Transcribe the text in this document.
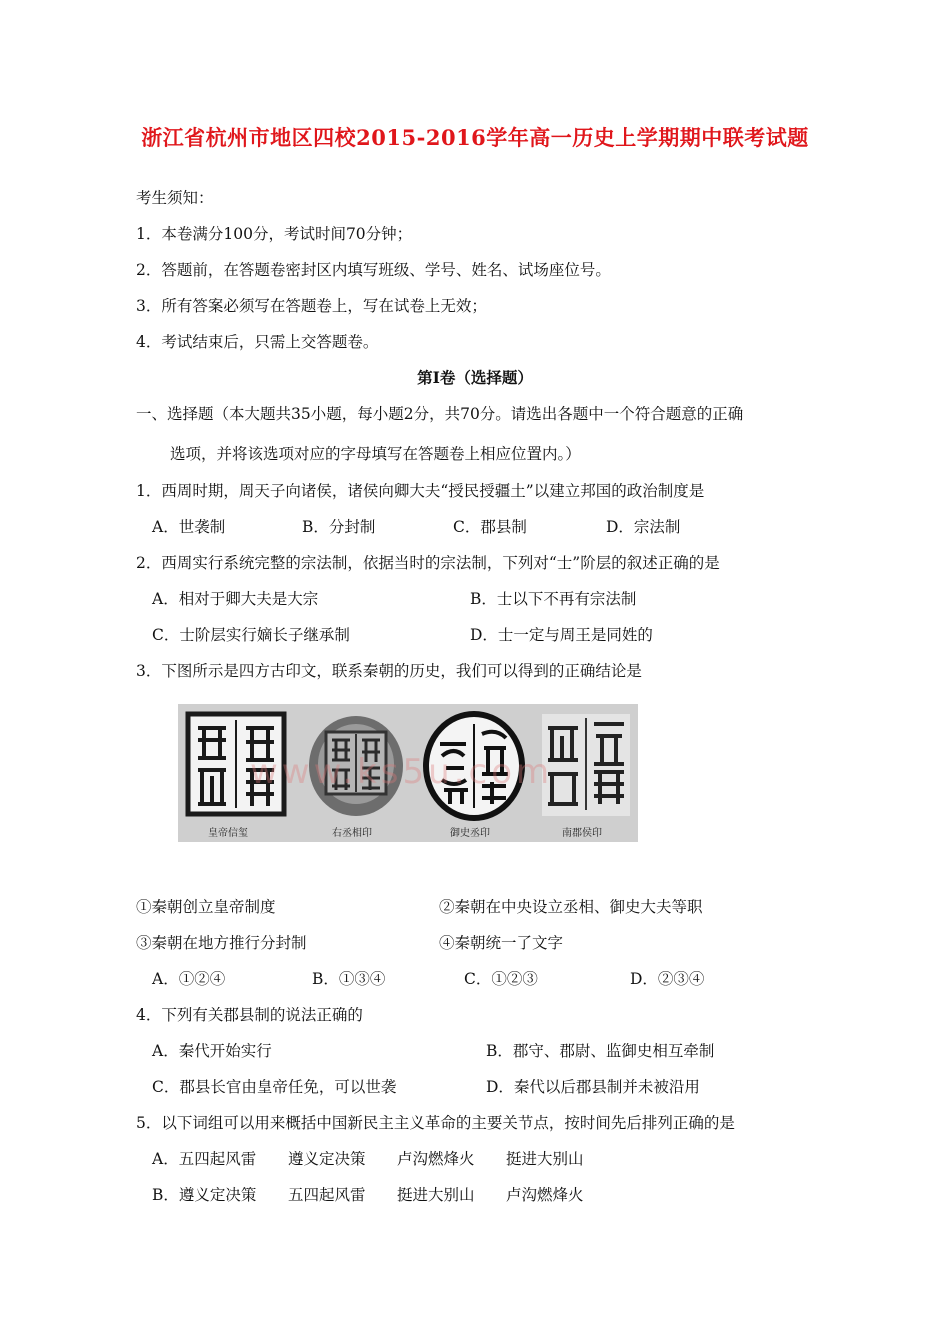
浙江省杭州市地区四校2015-2016学年高一历史上学期期中联考试题
考生须知：
1．本卷满分100分，考试时间70分钟；
2．答题前，在答题卷密封区内填写班级、学号、姓名、试场座位号。
3．所有答案必须写在答题卷上，写在试卷上无效；
4．考试结束后，只需上交答题卷。
第Ⅰ卷（选择题）
一、选择题（本大题共35小题，每小题2分，共70分。请选出各题中一个符合题意的正确
选项，并将该选项对应的字母填写在答题卷上相应位置内。）
1．西周时期，周天子向诸侯，诸侯向卿大夫“授民授疆土”以建立邦国的政治制度是
A．世袭制	B．分封制	C．郡县制	D．宗法制
2．西周实行系统完整的宗法制，依据当时的宗法制，下列对“士”阶层的叙述正确的是
A．相对于卿大夫是大宗	B．士以下不再有宗法制
C．士阶层实行嫡长子继承制	D．士一定与周王是同姓的
3．下图所示是四方古印文，联系秦朝的历史，我们可以得到的正确结论是
皇帝信玺	右丞相印	御史丞印	南郡侯印
www.ks5u.com
①秦朝创立皇帝制度	②秦朝在中央设立丞相、御史大夫等职
③秦朝在地方推行分封制	④秦朝统一了文字
A．①②④	B．①③④	C．①②③	D．②③④
4．下列有关郡县制的说法正确的
A．秦代开始实行	B．郡守、郡尉、监御史相互牵制
C．郡县长官由皇帝任免，可以世袭	D．秦代以后郡县制并未被沿用
5．以下词组可以用来概括中国新民主主义革命的主要关节点，按时间先后排列正确的是
A．五四起风雷 遵义定决策 卢沟燃烽火 挺进大别山
B．遵义定决策 五四起风雷 挺进大别山 卢沟燃烽火
